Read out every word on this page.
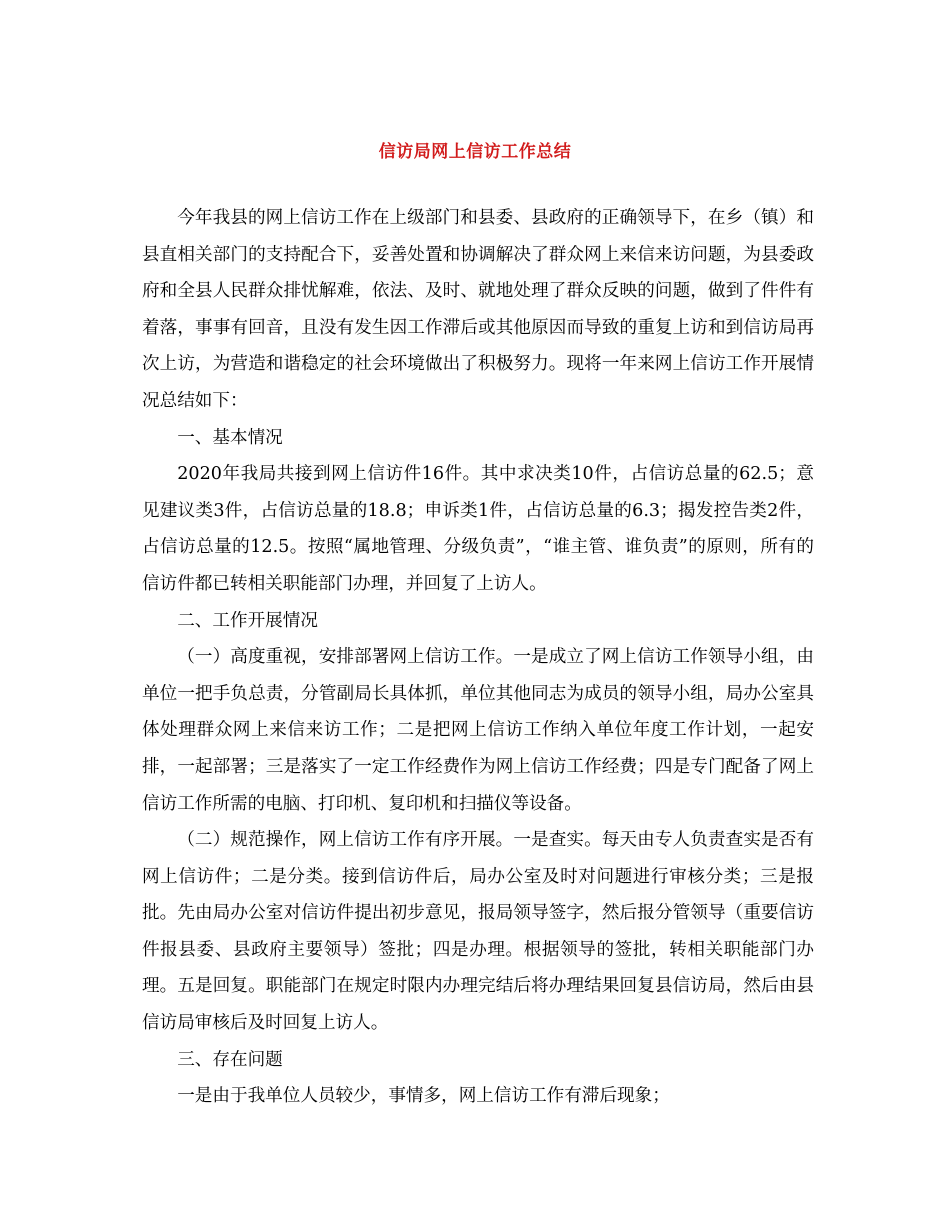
信访局网上信访工作总结

今年我县的网上信访工作在上级部门和县委、县政府的正确领导下，在乡（镇）和县直相关部门的支持配合下，妥善处置和协调解决了群众网上来信来访问题，为县委政府和全县人民群众排忧解难，依法、及时、就地处理了群众反映的问题，做到了件件有着落，事事有回音，且没有发生因工作滞后或其他原因而导致的重复上访和到信访局再次上访，为营造和谐稳定的社会环境做出了积极努力。现将一年来网上信访工作开展情况总结如下：

一、基本情况

2020年我局共接到网上信访件16件。其中求决类10件，占信访总量的62.5；意见建议类3件，占信访总量的18.8；申诉类1件，占信访总量的6.3；揭发控告类2件，占信访总量的12.5。按照“属地管理、分级负责”，“谁主管、谁负责”的原则，所有的信访件都已转相关职能部门办理，并回复了上访人。

二、工作开展情况

（一）高度重视，安排部署网上信访工作。一是成立了网上信访工作领导小组，由单位一把手负总责，分管副局长具体抓，单位其他同志为成员的领导小组，局办公室具体处理群众网上来信来访工作；二是把网上信访工作纳入单位年度工作计划，一起安排，一起部署；三是落实了一定工作经费作为网上信访工作经费；四是专门配备了网上信访工作所需的电脑、打印机、复印机和扫描仪等设备。

（二）规范操作，网上信访工作有序开展。一是查实。每天由专人负责查实是否有网上信访件；二是分类。接到信访件后，局办公室及时对问题进行审核分类；三是报批。先由局办公室对信访件提出初步意见，报局领导签字，然后报分管领导（重要信访件报县委、县政府主要领导）签批；四是办理。根据领导的签批，转相关职能部门办理。五是回复。职能部门在规定时限内办理完结后将办理结果回复县信访局，然后由县信访局审核后及时回复上访人。

三、存在问题

一是由于我单位人员较少，事情多，网上信访工作有滞后现象；
